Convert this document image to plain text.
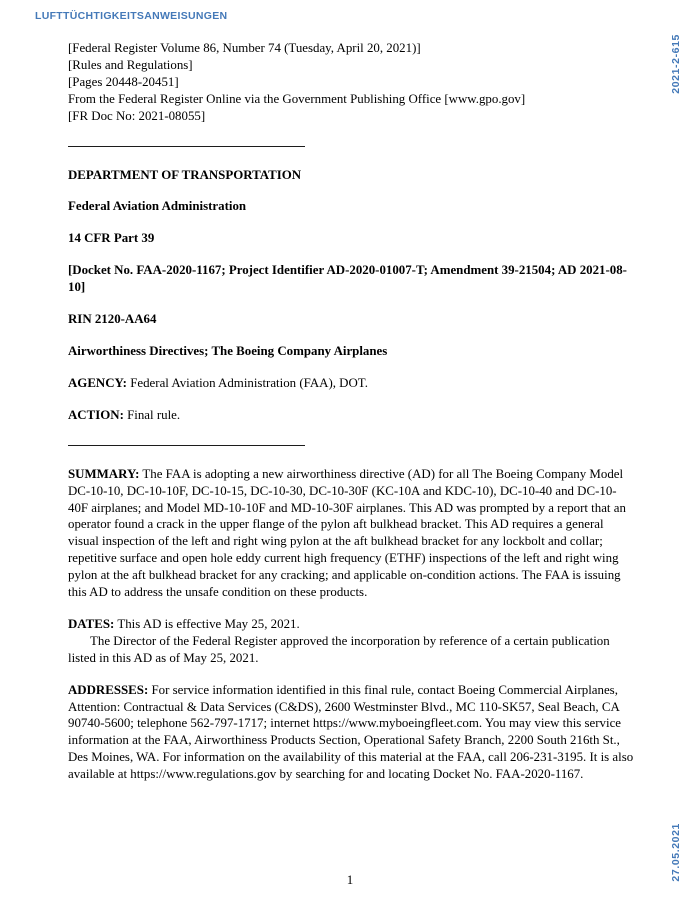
LUFTTÜCHTIGKEITSANWEISUNGEN
2021-2-615
27.05.2021

[Federal Register Volume 86, Number 74 (Tuesday, April 20, 2021)]

[Rules and Regulations]

[Pages 20448-20451]

From the Federal Register Online via the Government Publishing Office [www.gpo.gov]

[FR Doc No: 2021-08055]

DEPARTMENT OF TRANSPORTATION

Federal Aviation Administration

14 CFR Part 39

[Docket No. FAA-2020-1167; Project Identifier AD-2020-01007-T; Amendment 39-21504; AD 2021-08-10]

RIN 2120-AA64

Airworthiness Directives; The Boeing Company Airplanes

AGENCY: Federal Aviation Administration (FAA), DOT.

ACTION: Final rule.

SUMMARY: The FAA is adopting a new airworthiness directive (AD) for all The Boeing Company Model DC-10-10, DC-10-10F, DC-10-15, DC-10-30, DC-10-30F (KC-10A and KDC-10), DC-10-40 and DC-10-40F airplanes; and Model MD-10-10F and MD-10-30F airplanes. This AD was prompted by a report that an operator found a crack in the upper flange of the pylon aft bulkhead bracket. This AD requires a general visual inspection of the left and right wing pylon at the aft bulkhead bracket for any lockbolt and collar; repetitive surface and open hole eddy current high frequency (ETHF) inspections of the left and right wing pylon at the aft bulkhead bracket for any cracking; and applicable on-condition actions. The FAA is issuing this AD to address the unsafe condition on these products.

DATES: This AD is effective May 25, 2021.

The Director of the Federal Register approved the incorporation by reference of a certain publication listed in this AD as of May 25, 2021.

ADDRESSES: For service information identified in this final rule, contact Boeing Commercial Airplanes, Attention: Contractual & Data Services (C&DS), 2600 Westminster Blvd., MC 110-SK57, Seal Beach, CA 90740-5600; telephone 562-797-1717; internet https://www.myboeingfleet.com. You may view this service information at the FAA, Airworthiness Products Section, Operational Safety Branch, 2200 South 216th St., Des Moines, WA. For information on the availability of this material at the FAA, call 206-231-3195. It is also available at https://www.regulations.gov by searching for and locating Docket No. FAA-2020-1167.

1
